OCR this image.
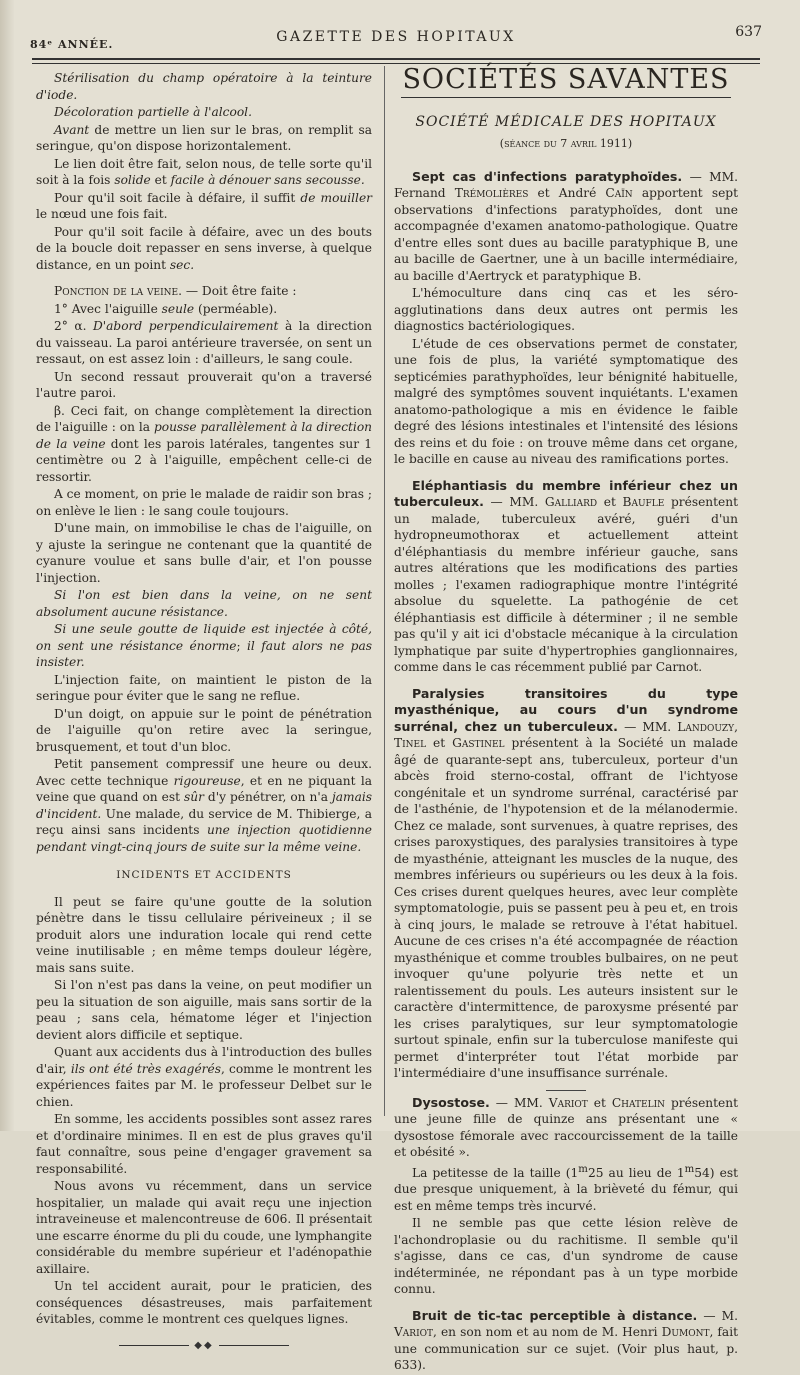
84ᵉ ANNÉE.	GAZETTE DES HOPITAUX	637

Stérilisation du champ opératoire à la teinture d'iode.

Décoloration partielle à l'alcool.

Avant de mettre un lien sur le bras, on remplit sa seringue, qu'on dispose horizontalement.

Le lien doit être fait, selon nous, de telle sorte qu'il soit à la fois solide et facile à dénouer sans secousse.

Pour qu'il soit facile à défaire, il suffit de mouiller le nœud une fois fait.

Pour qu'il soit facile à défaire, avec un des bouts de la boucle doit repasser en sens inverse, à quelque distance, en un point sec.

Ponction de la veine. — Doit être faite :

1° Avec l'aiguille seule (perméable).

2° α. D'abord perpendiculairement à la direction du vaisseau. La paroi antérieure traversée, on sent un ressaut, on est assez loin : d'ailleurs, le sang coule.

Un second ressaut prouverait qu'on a traversé l'autre paroi.

β. Ceci fait, on change complètement la direction de l'aiguille : on la pousse parallèlement à la direction de la veine dont les parois latérales, tangentes sur 1 centimètre ou 2 à l'aiguille, empêchent celle-ci de ressortir.

A ce moment, on prie le malade de raidir son bras ; on enlève le lien : le sang coule toujours.

D'une main, on immobilise le chas de l'aiguille, on y ajuste la seringue ne contenant que la quantité de cyanure voulue et sans bulle d'air, et l'on pousse l'injection.

Si l'on est bien dans la veine, on ne sent absolument aucune résistance.

Si une seule goutte de liquide est injectée à côté, on sent une résistance énorme; il faut alors ne pas insister.

L'injection faite, on maintient le piston de la seringue pour éviter que le sang ne reflue.

D'un doigt, on appuie sur le point de pénétration de l'aiguille qu'on retire avec la seringue, brusquement, et tout d'un bloc.

Petit pansement compressif une heure ou deux. Avec cette technique rigoureuse, et en ne piquant la veine que quand on est sûr d'y pénétrer, on n'a jamais d'incident. Une malade, du service de M. Thibierge, a reçu ainsi sans incidents une injection quotidienne pendant vingt-cinq jours de suite sur la même veine.

INCIDENTS ET ACCIDENTS

Il peut se faire qu'une goutte de la solution pénètre dans le tissu cellulaire périveineux ; il se produit alors une induration locale qui rend cette veine inutilisable ; en même temps douleur légère, mais sans suite.

Si l'on n'est pas dans la veine, on peut modifier un peu la situation de son aiguille, mais sans sortir de la peau ; sans cela, hématome léger et l'injection devient alors difficile et septique.

Quant aux accidents dus à l'introduction des bulles d'air, ils ont été très exagérés, comme le montrent les expériences faites par M. le professeur Delbet sur le chien.

En somme, les accidents possibles sont assez rares et d'ordinaire minimes. Il en est de plus graves qu'il faut connaître, sous peine d'engager gravement sa responsabilité.

Nous avons vu récemment, dans un service hospitalier, un malade qui avait reçu une injection intraveineuse et malencontreuse de 606. Il présentait une escarre énorme du pli du coude, une lymphangite considérable du membre supérieur et l'adénopathie axillaire.

Un tel accident aurait, pour le praticien, des conséquences désastreuses, mais parfaitement évitables, comme le montrent ces quelques lignes.

◆◆
SOCIÉTÉS SAVANTES
SOCIÉTÉ MÉDICALE DES HOPITAUX
(séance du 7 avril 1911)

Sept cas d'infections paratyphoïdes. — MM. Fernand Trémolières et André Caïn apportent sept observations d'infections paratyphoïdes, dont une accompagnée d'examen anatomo-pathologique. Quatre d'entre elles sont dues au bacille paratyphique B, une au bacille de Gaertner, une à un bacille intermédiaire, au bacille d'Aertryck et paratyphique B.

L'hémoculture dans cinq cas et les séro-agglutinations dans deux autres ont permis les diagnostics bactériologiques.

L'étude de ces observations permet de constater, une fois de plus, la variété symptomatique des septicémies parathyphoïdes, leur bénignité habituelle, malgré des symptômes souvent inquiétants. L'examen anatomo-pathologique a mis en évidence le faible degré des lésions intestinales et l'intensité des lésions des reins et du foie : on trouve même dans cet organe, le bacille en cause au niveau des ramifications portes.

Eléphantiasis du membre inférieur chez un tuberculeux. — MM. Galliard et Baufle présentent un malade, tuberculeux avéré, guéri d'un hydropneumothorax et actuellement atteint d'éléphantiasis du membre inférieur gauche, sans autres altérations que les modifications des parties molles ; l'examen radiographique montre l'intégrité absolue du squelette. La pathogénie de cet éléphantiasis est difficile à déterminer ; il ne semble pas qu'il y ait ici d'obstacle mécanique à la circulation lymphatique par suite d'hypertrophies ganglionnaires, comme dans le cas récemment publié par Carnot.

Paralysies transitoires du type myasthénique, au cours d'un syndrome surrénal, chez un tuberculeux. — MM. Landouzy, Tinel et Gastinel présentent à la Société un malade âgé de quarante-sept ans, tuberculeux, porteur d'un abcès froid sterno-costal, offrant de l'ichtyose congénitale et un syndrome surrénal, caractérisé par de l'asthénie, de l'hypotension et de la mélanodermie. Chez ce malade, sont survenues, à quatre reprises, des crises paroxystiques, des paralysies transitoires à type de myasthénie, atteignant les muscles de la nuque, des membres inférieurs ou supérieurs ou les deux à la fois. Ces crises durent quelques heures, avec leur complète symptomatologie, puis se passent peu à peu et, en trois à cinq jours, le malade se retrouve à l'état habituel. Aucune de ces crises n'a été accompagnée de réaction myasthénique et comme troubles bulbaires, on ne peut invoquer qu'une polyurie très nette et un ralentissement du pouls. Les auteurs insistent sur le caractère d'intermittence, de paroxysme présenté par les crises paralytiques, sur leur symptomatologie surtout spinale, enfin sur la tuberculose manifeste qui permet d'interpréter tout l'état morbide par l'intermédiaire d'une insuffisance surrénale.

Dysostose. — MM. Variot et Chatelin présentent une jeune fille de quinze ans présentant une « dysostose fémorale avec raccourcissement de la taille et obésité ».

La petitesse de la taille (1$^m$25 au lieu de 1$^m$54) est due presque uniquement, à la brièveté du fémur, qui est en même temps très incurvé.

Il ne semble pas que cette lésion relève de l'achondroplasie ou du rachitisme. Il semble qu'il s'agisse, dans ce cas, d'un syndrome de cause indéterminée, ne répondant pas à un type morbide connu.

Bruit de tic-tac perceptible à distance. — M. Variot, en son nom et au nom de M. Henri Dumont, fait une communication sur ce sujet. (Voir plus haut, p. 633).
